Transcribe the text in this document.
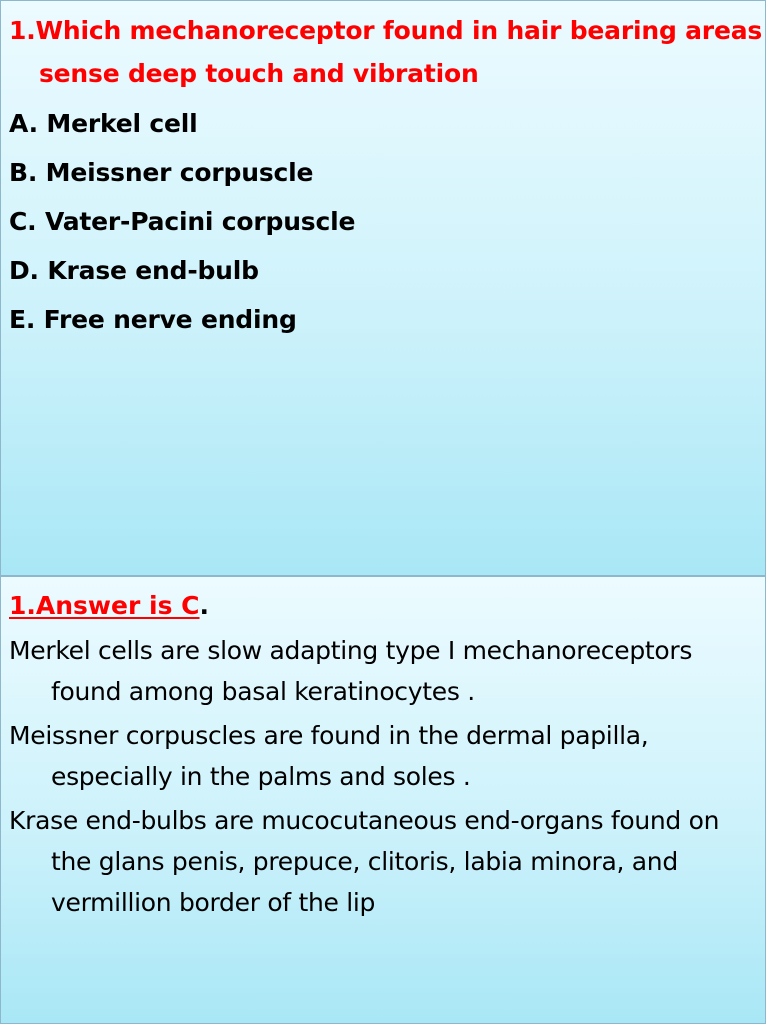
1.Which mechanoreceptor found in hair bearing areas sense deep touch and vibration
A. Merkel cell
B. Meissner corpuscle
C. Vater-Pacini corpuscle
D. Krase end-bulb
E. Free nerve ending
1.Answer is C.

Merkel cells are slow adapting type I mechanoreceptors found among basal keratinocytes .

Meissner corpuscles are found in the dermal papilla, especially in the palms and soles .

Krase end-bulbs are mucocutaneous end-organs found on the glans penis, prepuce, clitoris, labia minora, and vermillion border of the lip
